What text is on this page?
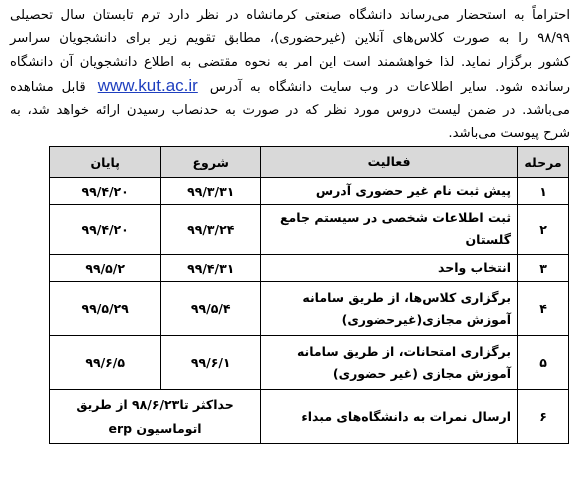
احتراماً به استحضار می‌رساند دانشگاه صنعتی کرمانشاه در نظر دارد ترم تابستان سال تحصیلی
۹۸/۹۹ را به صورت کلاس‌های آنلاین (غیرحضوری)، مطابق تقویم زیر برای دانشجویان سراسر
کشور برگزار نماید. لذا خواهشمند است این امر به نحوه مقتضی به اطلاع دانشجویان آن دانشگاه
رسانده شود. سایر اطلاعات در وب سایت دانشگاه به آدرس www.kut.ac.ir قابل مشاهده
می‌باشد. در ضمن لیست دروس مورد نظر که در صورت به حدنصاب رسیدن ارائه خواهد شد، به
شرح پیوست می‌باشد.
مرحله	فعالیت	شروع	پایان
۱	پیش ثبت نام غیر حضوری آدرس	۹۹/۳/۳۱	۹۹/۴/۲۰
۲	ثبت اطلاعات شخصی در سیستم جامع گلستان	۹۹/۳/۲۴	۹۹/۴/۲۰
۳	انتخاب واحد	۹۹/۴/۳۱	۹۹/۵/۲
۴	برگزاری کلاس‌ها، از طریق سامانه آموزش مجازی(غیرحضوری)	۹۹/۵/۴	۹۹/۵/۲۹
۵	برگزاری امتحانات، از طریق سامانه آموزش مجازی (غیر حضوری)	۹۹/۶/۱	۹۹/۶/۵
۶	ارسال نمرات به دانشگاه‌های مبداء	حداکثر تا۹۸/۶/۲۳ از طریق اتوماسیون erp	
